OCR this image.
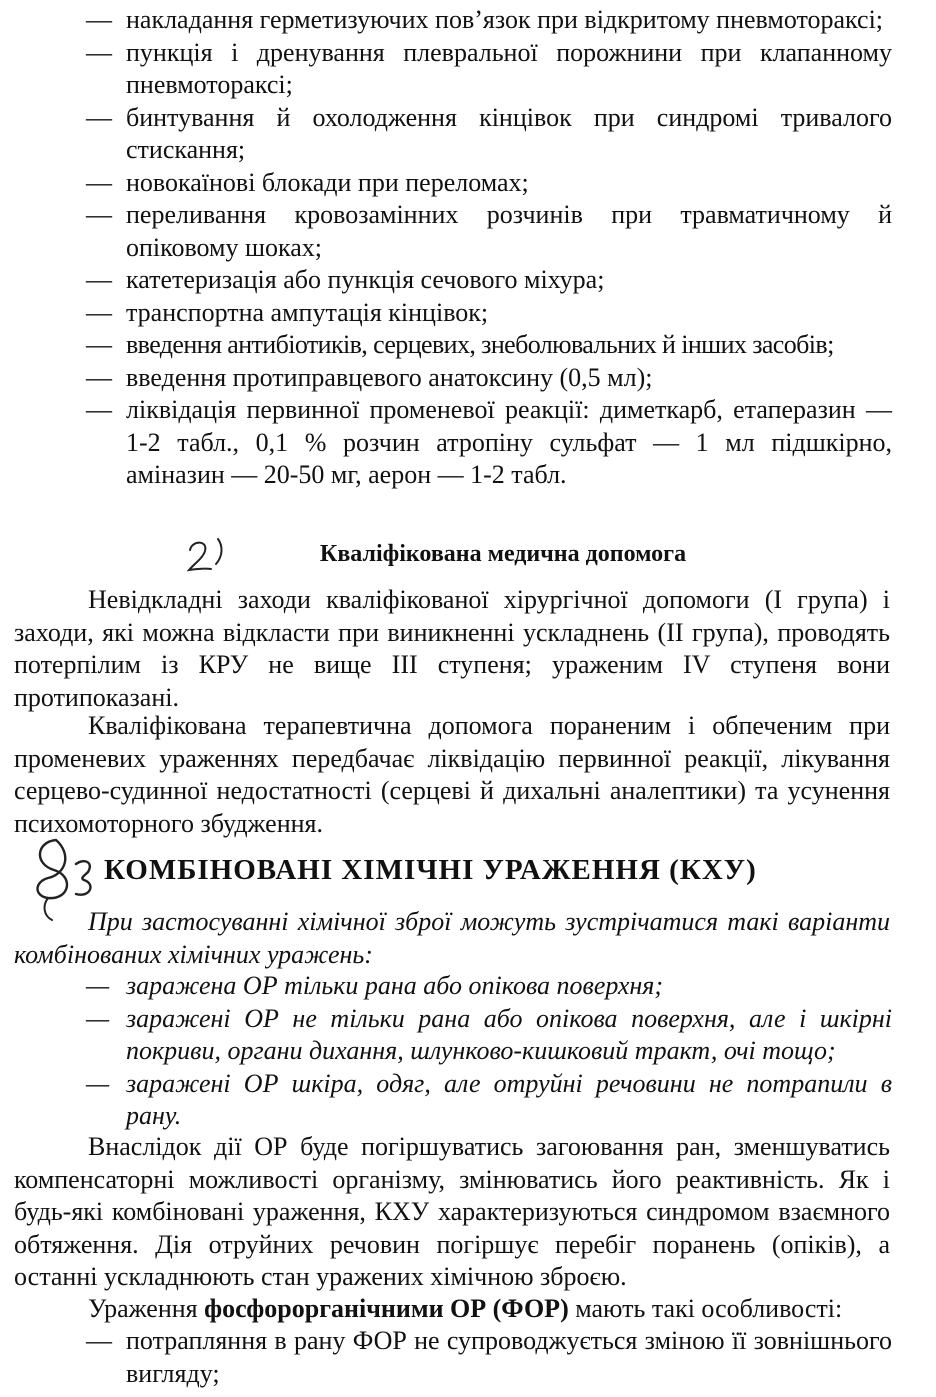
— накладання герметизуючих пов’язок при відкритому пневмотораксі;
— пункція і дренування плевральної порожнини при клапанному пневмотораксі;
— бинтування й охолодження кінцівок при синдромі тривалого стискання;
— новокаїнові блокади при переломах;
— переливання кровозамінних розчинів при травматичному й опіковому шоках;
— катетеризація або пункція сечового міхура;
— транспортна ампутація кінцівок;
— введення антибіотиків, серцевих, знеболювальних й інших засобів;
— введення протиправцевого анатоксину (0,5 мл);
— ліквідація первинної променевої реакції: диметкарб, етаперазин — 1-2 табл., 0,1 % розчин атропіну сульфат — 1 мл підшкірно, аміназин — 20-50 мг, аерон — 1-2 табл.
Кваліфікована медична допомога

Невідкладні заходи кваліфікованої хірургічної допомоги (І група) і заходи, які можна відкласти при виникненні ускладнень (ІІ група), проводять потерпілим із КРУ не вище ІІІ ступеня; ураженим IV ступеня вони протипоказані.

Кваліфікована терапевтична допомога пораненим і обпеченим при променевих ураженнях передбачає ліквідацію первинної реакції, лікування серцево-судинної недостатності (серцеві й дихальні аналептики) та усунення психомоторного збудження.

КОМБІНОВАНІ ХІМІЧНІ УРАЖЕННЯ (КХУ)

При застосуванні хімічної зброї можуть зустрічатися такі варіанти комбінованих хімічних уражень:

— заражена ОР тільки рана або опікова поверхня;
— заражені ОР не тільки рана або опікова поверхня, але і шкірні покриви, органи дихання, шлунково-кишковий тракт, очі тощо;
— заражені ОР шкіра, одяг, але отруйні речовини не потрапили в рану.

Внаслідок дії ОР буде погіршуватись загоювання ран, зменшуватись компенсаторні можливості організму, змінюватись його реактивність. Як і будь-які комбіновані ураження, КХУ характеризуються синдромом взаємного обтяження. Дія отруйних речовин погіршує перебіг поранень (опіків), а останні ускладнюють стан уражених хімічною зброєю.

Ураження фосфорорганічними ОР (ФОР) мають такі особливості:

— потрапляння в рану ФОР не супроводжується зміною її зовнішнього вигляду;
